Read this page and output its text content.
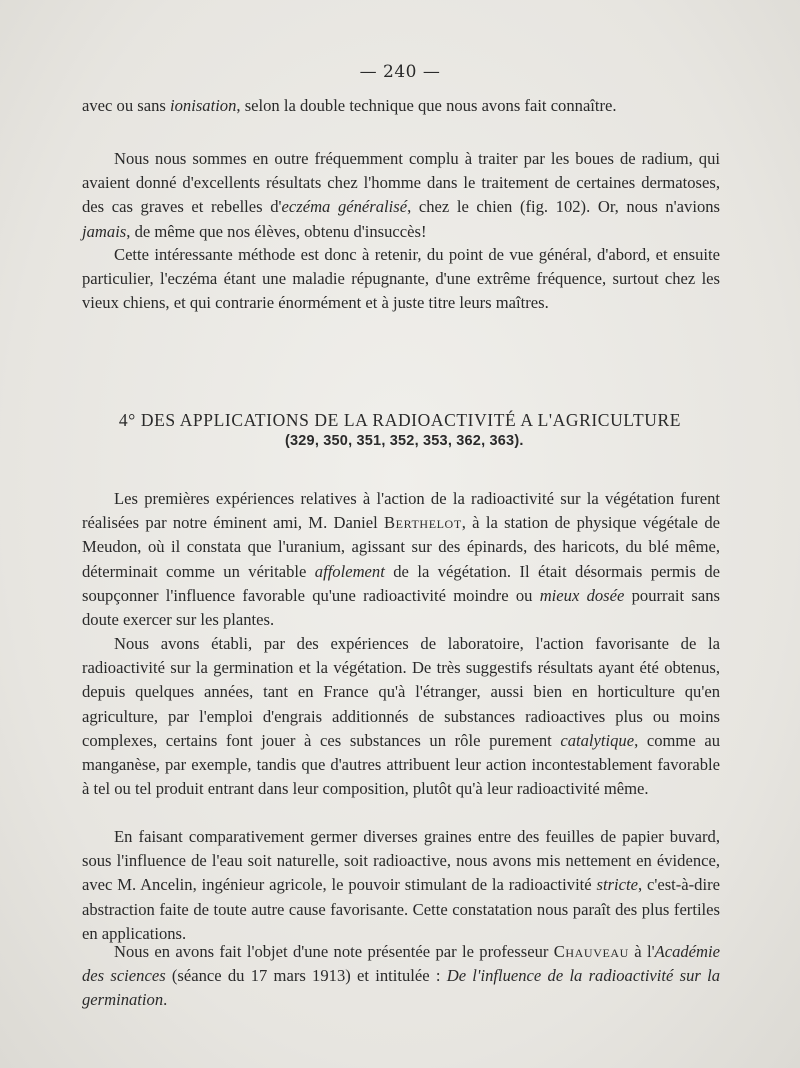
— 240 —

avec ou sans ionisation, selon la double technique que nous avons fait connaître.

Nous nous sommes en outre fréquemment complu à traiter par les boues de radium, qui avaient donné d'excellents résultats chez l'homme dans le traitement de certaines dermatoses, des cas graves et rebelles d'eczéma généralisé, chez le chien (fig. 102). Or, nous n'avions jamais, de même que nos élèves, obtenu d'insuccès!

Cette intéressante méthode est donc à retenir, du point de vue général, d'abord, et ensuite particulier, l'eczéma étant une maladie répugnante, d'une extrême fréquence, surtout chez les vieux chiens, et qui contrarie énormément et à juste titre leurs maîtres.

4° DES APPLICATIONS DE LA RADIOACTIVITÉ A L'AGRICULTURE
(329, 350, 351, 352, 353, 362, 363).

Les premières expériences relatives à l'action de la radioactivité sur la végétation furent réalisées par notre éminent ami, M. Daniel Berthelot, à la station de physique végétale de Meudon, où il constata que l'uranium, agissant sur des épinards, des haricots, du blé même, déterminait comme un véritable affolement de la végétation. Il était désormais permis de soupçonner l'influence favorable qu'une radioactivité moindre ou mieux dosée pourrait sans doute exercer sur les plantes.

Nous avons établi, par des expériences de laboratoire, l'action favorisante de la radioactivité sur la germination et la végétation. De très suggestifs résultats ayant été obtenus, depuis quelques années, tant en France qu'à l'étranger, aussi bien en horticulture qu'en agriculture, par l'emploi d'engrais additionnés de substances radioactives plus ou moins complexes, certains font jouer à ces substances un rôle purement catalytique, comme au manganèse, par exemple, tandis que d'autres attribuent leur action incontestablement favorable à tel ou tel produit entrant dans leur composition, plutôt qu'à leur radioactivité même.

En faisant comparativement germer diverses graines entre des feuilles de papier buvard, sous l'influence de l'eau soit naturelle, soit radioactive, nous avons mis nettement en évidence, avec M. Ancelin, ingénieur agricole, le pouvoir stimulant de la radioactivité stricte, c'est-à-dire abstraction faite de toute autre cause favorisante. Cette constatation nous paraît des plus fertiles en applications.

Nous en avons fait l'objet d'une note présentée par le professeur Chauveau à l'Académie des sciences (séance du 17 mars 1913) et intitulée : De l'influence de la radioactivité sur la germination.
